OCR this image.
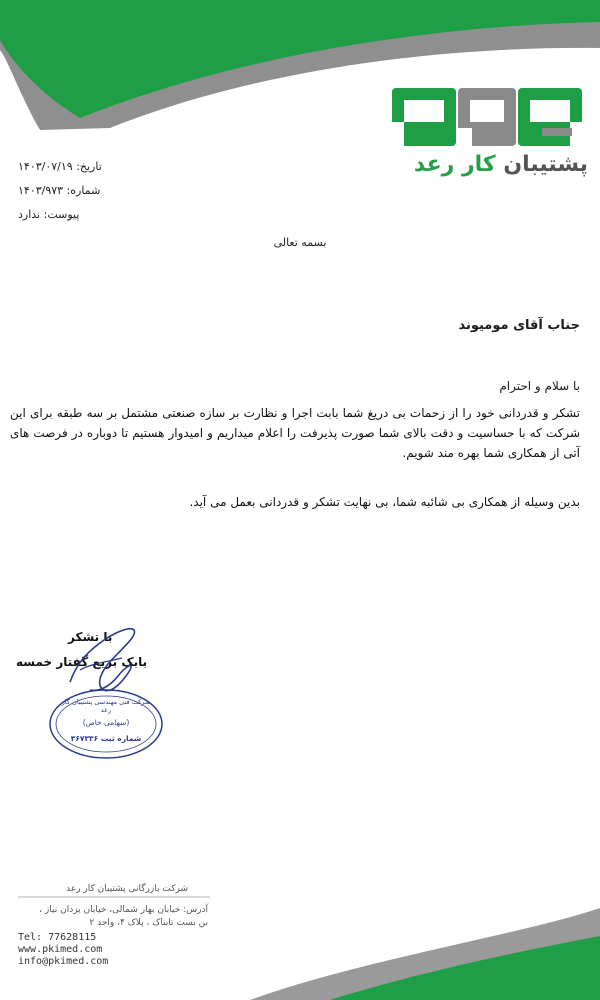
پشتیبان کار رعد
تاریخ: ۱۴۰۳/۰۷/۱۹
شماره: ۱۴۰۳/۹۷۳
پیوست: ندارد
بسمه تعالی
جناب آقای مومیوند
با سلام و احترام
تشکر و قدردانی خود را از زحمات بی دریغ شما بابت اجرا و نظارت بر سازه صنعتی مشتمل بر سه طبقه برای این شرکت که با حساسیت و دقت بالای شما صورت پذیرفت را اعلام میداریم و امیدوار هستیم تا دوباره در فرصت های آتی از همکاری شما بهره مند شویم.
بدین وسیله از همکاری بی شائبه شما، بی نهایت تشکر و قدردانی بعمل می آید.
با تشکر
بابک بریع گفتار خمسه
شرکت فنی مهندسی پشتیبان کار رعد
(سهامی خاص)
شماره ثبت ۳۶۷۳۳۶
شرکت بازرگانی پشتیبان کار رعد
آدرس: خیابان بهار شمالی، خیابان یزدان نیاز ،
بن بست تابناک ، پلاک ۴، واحد ۲
Tel: 77628115
www.pkimed.com
info@pkimed.com
